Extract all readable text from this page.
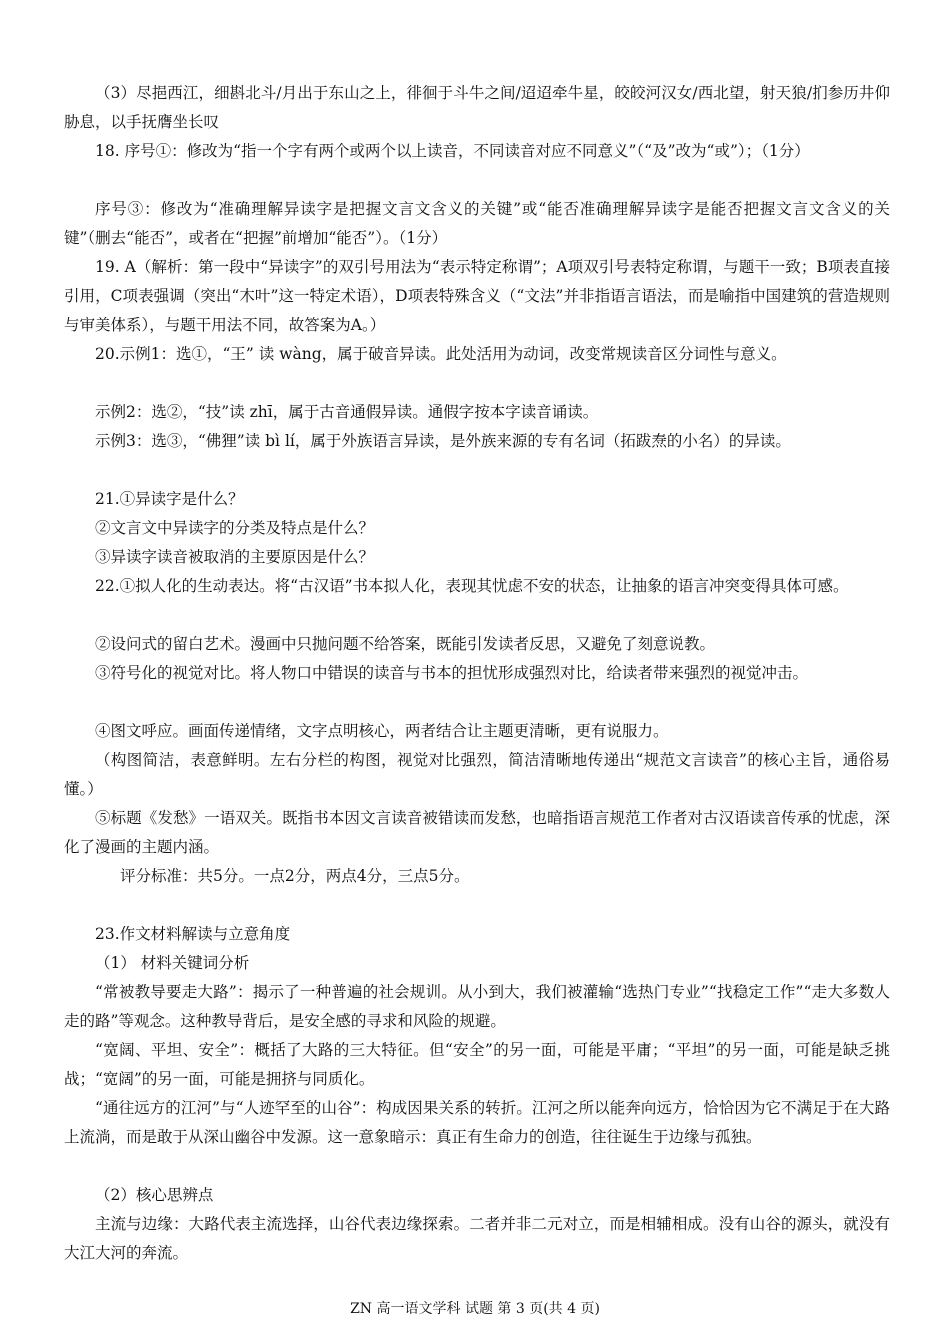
（3）尽挹西江，细斟北斗/月出于东山之上，徘徊于斗牛之间/迢迢牵牛星，皎皎河汉女/西北望，射天狼/扪参历井仰胁息，以手抚膺坐长叹
18. 序号①：修改为“指一个字有两个或两个以上读音，不同读音对应不同意义”（“及”改为“或”）；（1分）
序号③：修改为“准确理解异读字是把握文言文含义的关键”或“能否准确理解异读字是能否把握文言文含义的关键”（删去“能否”，或者在“把握”前增加“能否”）。（1分）
19. A（解析：第一段中“异读字”的双引号用法为“表示特定称谓”；A项双引号表特定称谓，与题干一致；B项表直接引用，C项表强调（突出“木叶”这一特定术语），D项表特殊含义（“文法”并非指语言语法，而是喻指中国建筑的营造规则与审美体系），与题干用法不同，故答案为A。）
20.示例1：选①，“王” 读 wàng，属于破音异读。此处活用为动词，改变常规读音区分词性与意义。
示例2：选②，“技”读 zhī，属于古音通假异读。通假字按本字读音诵读。
示例3：选③，“佛狸”读 bì lí，属于外族语言异读，是外族来源的专有名词（拓跋焘的小名）的异读。
21.①异读字是什么？
②文言文中异读字的分类及特点是什么？
③异读字读音被取消的主要原因是什么？
22.①拟人化的生动表达。将“古汉语”书本拟人化，表现其忧虑不安的状态，让抽象的语言冲突变得具体可感。
②设问式的留白艺术。漫画中只抛问题不给答案，既能引发读者反思，又避免了刻意说教。
③符号化的视觉对比。将人物口中错误的读音与书本的担忧形成强烈对比，给读者带来强烈的视觉冲击。
④图文呼应。画面传递情绪，文字点明核心，两者结合让主题更清晰，更有说服力。
（构图简洁，表意鲜明。左右分栏的构图，视觉对比强烈，简洁清晰地传递出“规范文言读音”的核心主旨，通俗易懂。）
⑤标题《发愁》一语双关。既指书本因文言读音被错读而发愁，也暗指语言规范工作者对古汉语读音传承的忧虑，深化了漫画的主题内涵。
评分标准：共5分。一点2分，两点4分，三点5分。
23.作文材料解读与立意角度
（1） 材料关键词分析
“常被教导要走大路”：揭示了一种普遍的社会规训。从小到大，我们被灌输“选热门专业”“找稳定工作”“走大多数人走的路”等观念。这种教导背后，是安全感的寻求和风险的规避。
“宽阔、平坦、安全”：概括了大路的三大特征。但“安全”的另一面，可能是平庸；“平坦”的另一面，可能是缺乏挑战；“宽阔”的另一面，可能是拥挤与同质化。
“通往远方的江河”与“人迹罕至的山谷”：构成因果关系的转折。江河之所以能奔向远方，恰恰因为它不满足于在大路上流淌，而是敢于从深山幽谷中发源。这一意象暗示：真正有生命力的创造，往往诞生于边缘与孤独。
（2）核心思辨点
主流与边缘：大路代表主流选择，山谷代表边缘探索。二者并非二元对立，而是相辅相成。没有山谷的源头，就没有大江大河的奔流。
ZN 高一语文学科 试题 第 3 页(共 4 页)
